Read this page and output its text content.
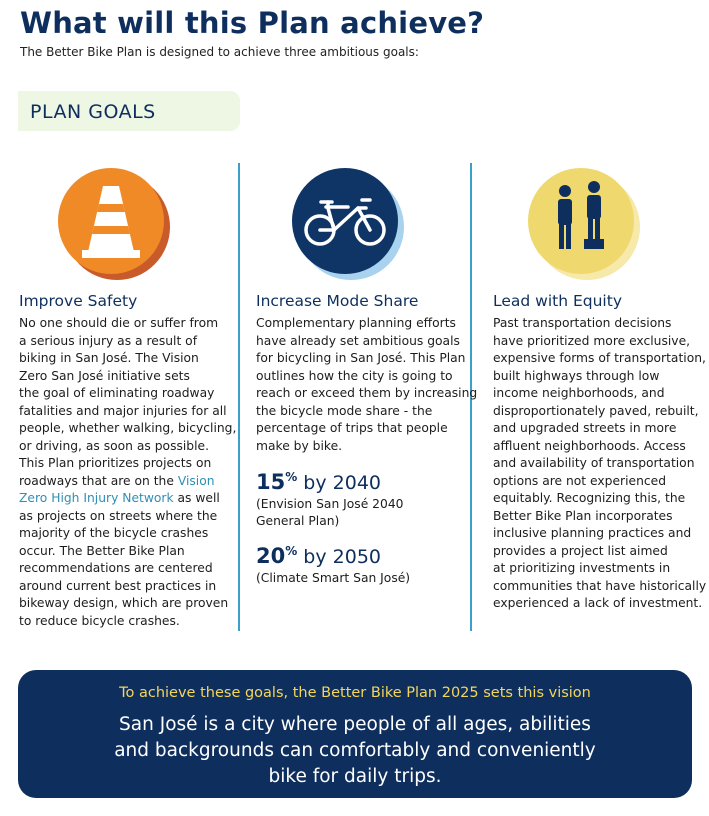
What will this Plan achieve?
The Better Bike Plan is designed to achieve three ambitious goals:
PLAN GOALS
Improve Safety

No one should die or suffer from

a serious injury as a result of

biking in San José. The Vision

Zero San José initiative sets

the goal of eliminating roadway

fatalities and major injuries for all

people, whether walking, bicycling,

or driving, as soon as possible.

This Plan prioritizes projects on

roadways that are on the Vision

Zero High Injury Network as well

as projects on streets where the

majority of the bicycle crashes

occur. The Better Bike Plan

recommendations are centered

around current best practices in

bikeway design, which are proven

to reduce bicycle crashes.

Increase Mode Share

Complementary planning efforts

have already set ambitious goals

for bicycling in San José. This Plan

outlines how the city is going to

reach or exceed them by increasing

the bicycle mode share - the

percentage of trips that people

make by bike.

15% by 2040
(Envision San José 2040
General Plan)
20% by 2050
(Climate Smart San José)
Lead with Equity

Past transportation decisions

have prioritized more exclusive,

expensive forms of transportation,

built highways through low

income neighborhoods, and

disproportionately paved, rebuilt,

and upgraded streets in more

affluent neighborhoods. Access

and availability of transportation

options are not experienced

equitably. Recognizing this, the

Better Bike Plan incorporates

inclusive planning practices and

provides a project list aimed

at prioritizing investments in

communities that have historically

experienced a lack of investment.

To achieve these goals, the Better Bike Plan 2025 sets this vision

San José is a city where people of all ages, abilities

and backgrounds can comfortably and conveniently

bike for daily trips.
